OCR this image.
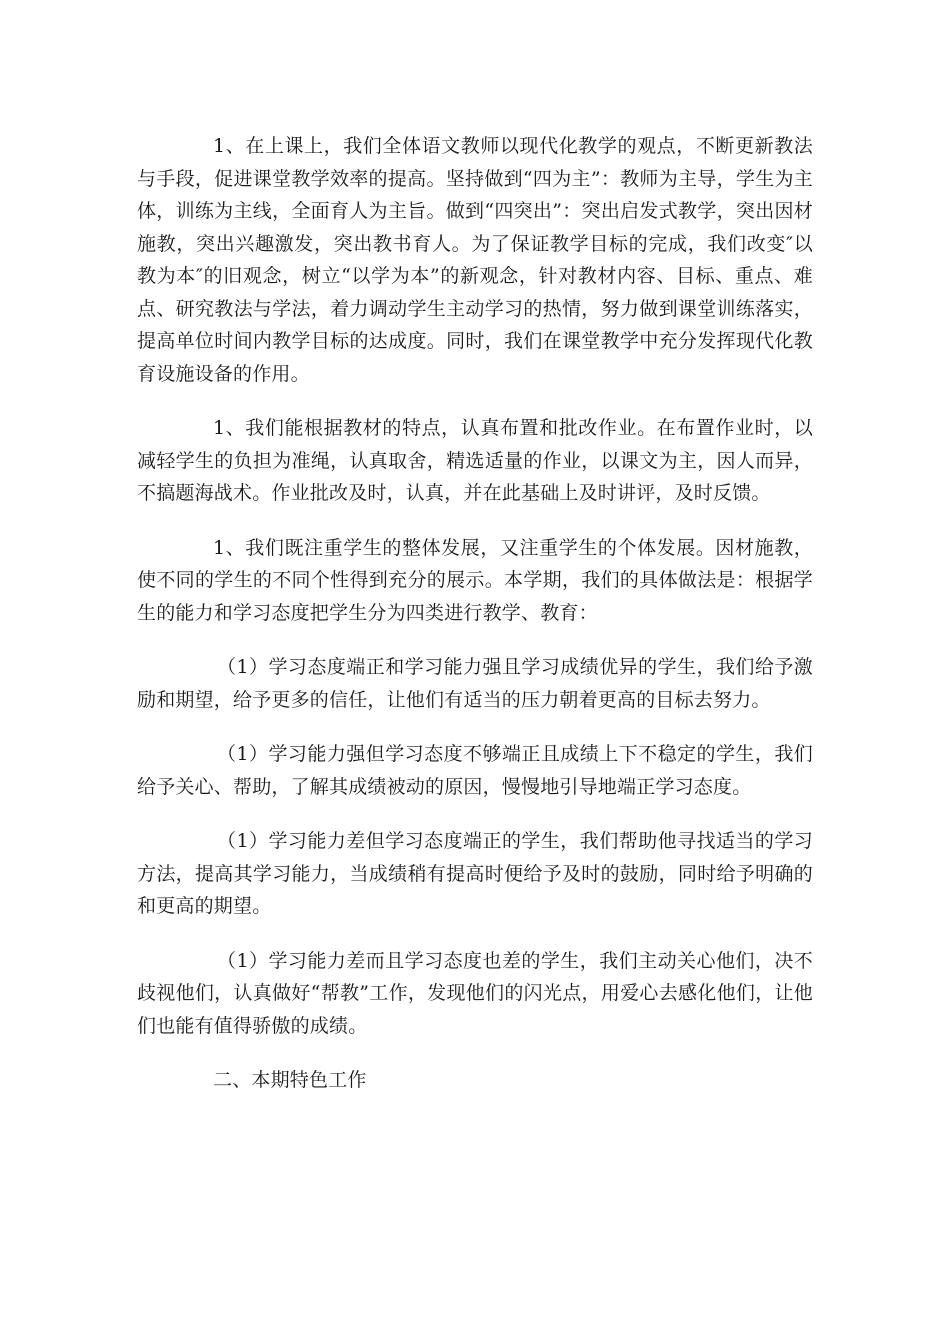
1、在上课上，我们全体语文教师以现代化教学的观点，不断更新教法与手段，促进课堂教学效率的提高。坚持做到“四为主”：教师为主导，学生为主体，训练为主线，全面育人为主旨。做到“四突出”：突出启发式教学，突出因材施教，突出兴趣激发，突出教书育人。为了保证教学目标的完成，我们改变″以教为本″的旧观念，树立“以学为本”的新观念，针对教材内容、目标、重点、难点、研究教法与学法，着力调动学生主动学习的热情，努力做到课堂训练落实，提高单位时间内教学目标的达成度。同时，我们在课堂教学中充分发挥现代化教育设施设备的作用。

1、我们能根据教材的特点，认真布置和批改作业。在布置作业时，以减轻学生的负担为准绳，认真取舍，精选适量的作业，以课文为主，因人而异，不搞题海战术。作业批改及时，认真，并在此基础上及时讲评，及时反馈。

1、我们既注重学生的整体发展，又注重学生的个体发展。因材施教，使不同的学生的不同个性得到充分的展示。本学期，我们的具体做法是：根据学生的能力和学习态度把学生分为四类进行教学、教育：

（1）学习态度端正和学习能力强且学习成绩优异的学生，我们给予激励和期望，给予更多的信任，让他们有适当的压力朝着更高的目标去努力。

（1）学习能力强但学习态度不够端正且成绩上下不稳定的学生，我们给予关心、帮助，了解其成绩被动的原因，慢慢地引导地端正学习态度。

（1）学习能力差但学习态度端正的学生，我们帮助他寻找适当的学习方法，提高其学习能力，当成绩稍有提高时便给予及时的鼓励，同时给予明确的和更高的期望。

（1）学习能力差而且学习态度也差的学生，我们主动关心他们，决不歧视他们，认真做好“帮教”工作，发现他们的闪光点，用爱心去感化他们，让他们也能有值得骄傲的成绩。

二、本期特色工作
